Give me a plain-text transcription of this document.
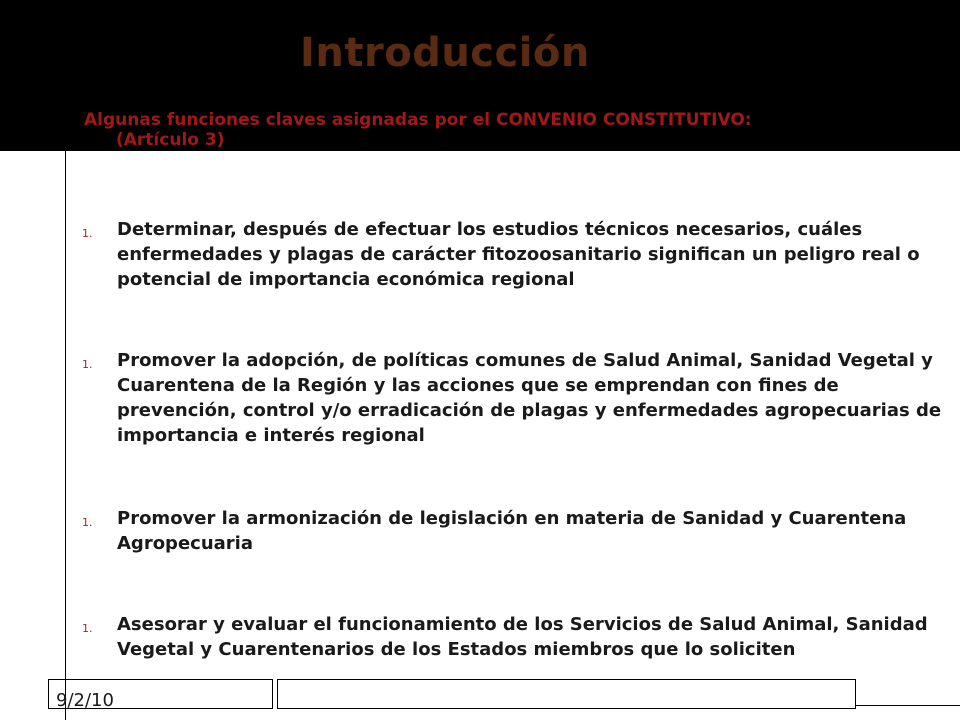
Introducción

Algunas funciones claves asignadas por el CONVENIO CONSTITUTIVO:
(Artículo 3)

1.	Determinar, después de efectuar los estudios técnicos necesarios, cuáles enfermedades y plagas de carácter fitozoosanitario significan un peligro real o potencial de importancia económica regional
1.	Promover la adopción, de políticas comunes de Salud Animal, Sanidad Vegetal y Cuarentena de la Región y las acciones que se emprendan con fines de prevención, control y/o erradicación de plagas y enfermedades agropecuarias de importancia e interés regional
1.	Promover la armonización de legislación en materia de Sanidad y Cuarentena Agropecuaria
1.	Asesorar y evaluar el funcionamiento de los Servicios de Salud Animal, Sanidad Vegetal y Cuarentenarios de los Estados miembros que lo soliciten
9/2/10
